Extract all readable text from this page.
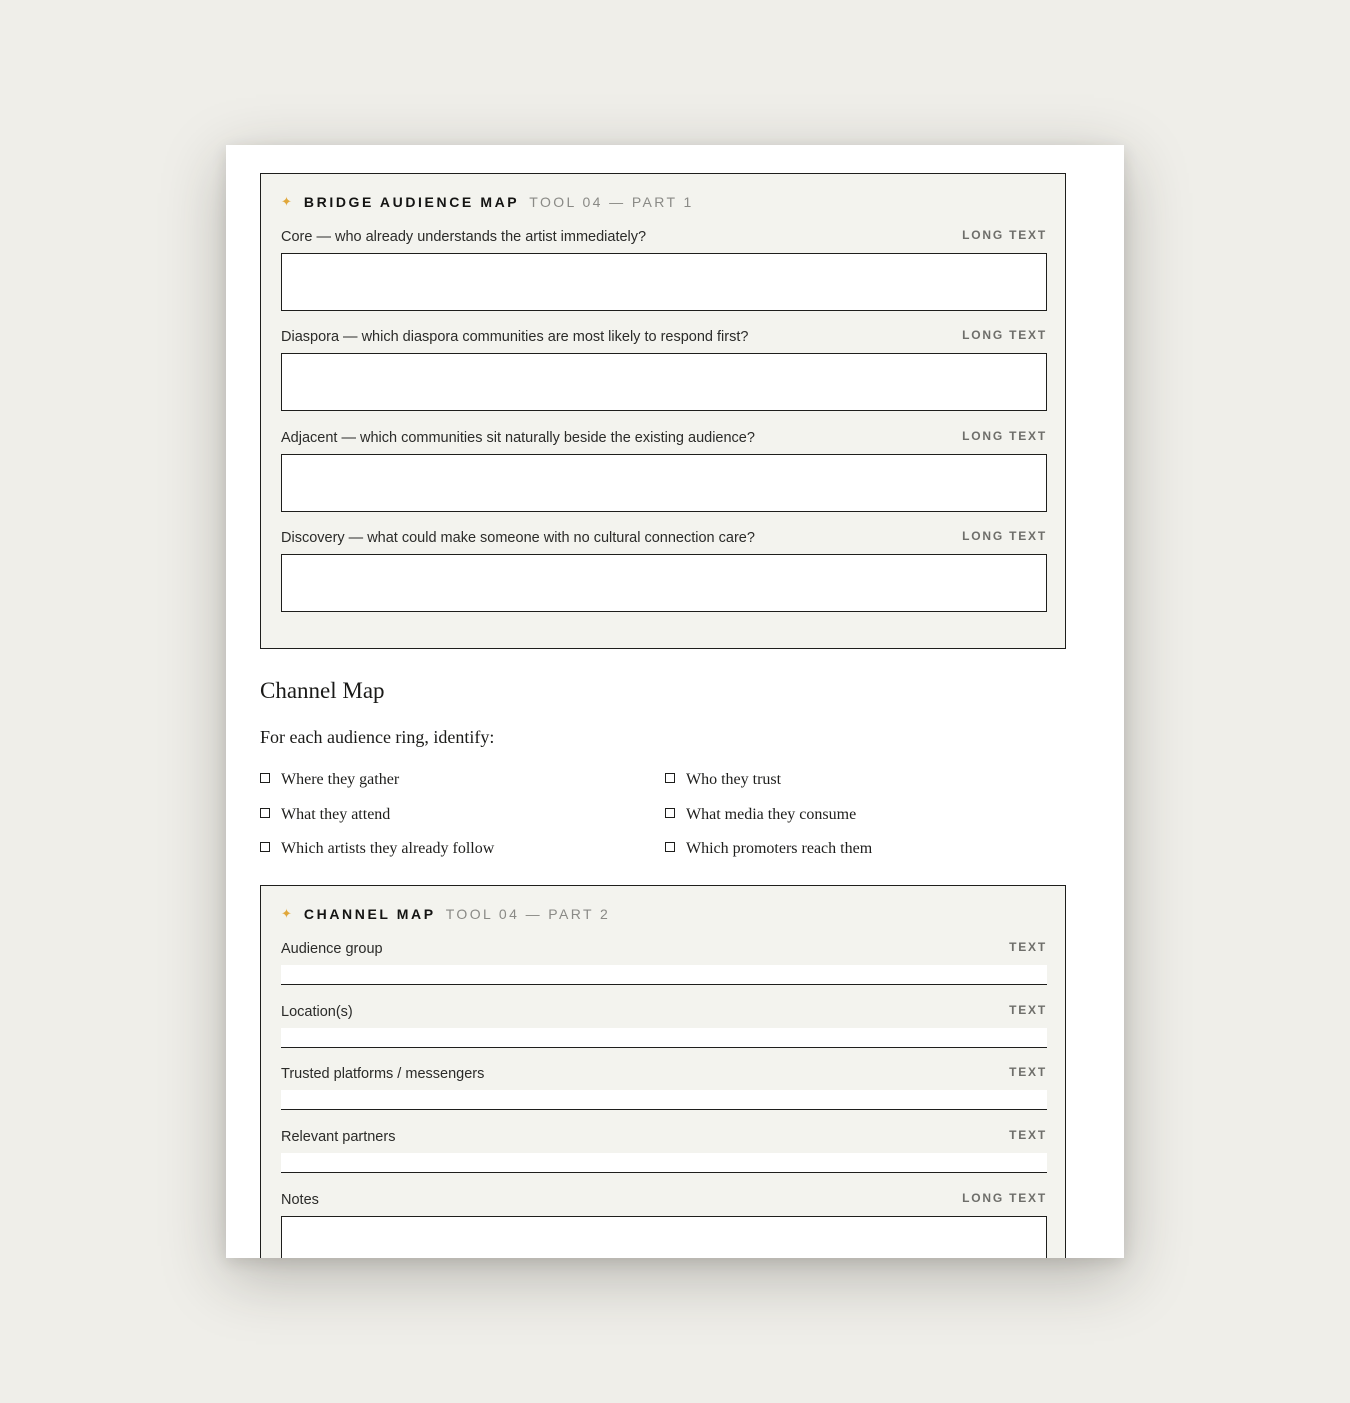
✦ BRIDGE AUDIENCE MAP TOOL 04 — PART 1
Core — who already understands the artist immediately?	LONG TEXT
Diaspora — which diaspora communities are most likely to respond first?	LONG TEXT
Adjacent — which communities sit naturally beside the existing audience?	LONG TEXT
Discovery — what could make someone with no cultural connection care?	LONG TEXT
Channel Map
For each audience ring, identify:
Where they gather	Who they trust
What they attend	What media they consume
Which artists they already follow	Which promoters reach them
✦ CHANNEL MAP TOOL 04 — PART 2
Audience group	TEXT
Location(s)	TEXT
Trusted platforms / messengers	TEXT
Relevant partners	TEXT
Notes	LONG TEXT
